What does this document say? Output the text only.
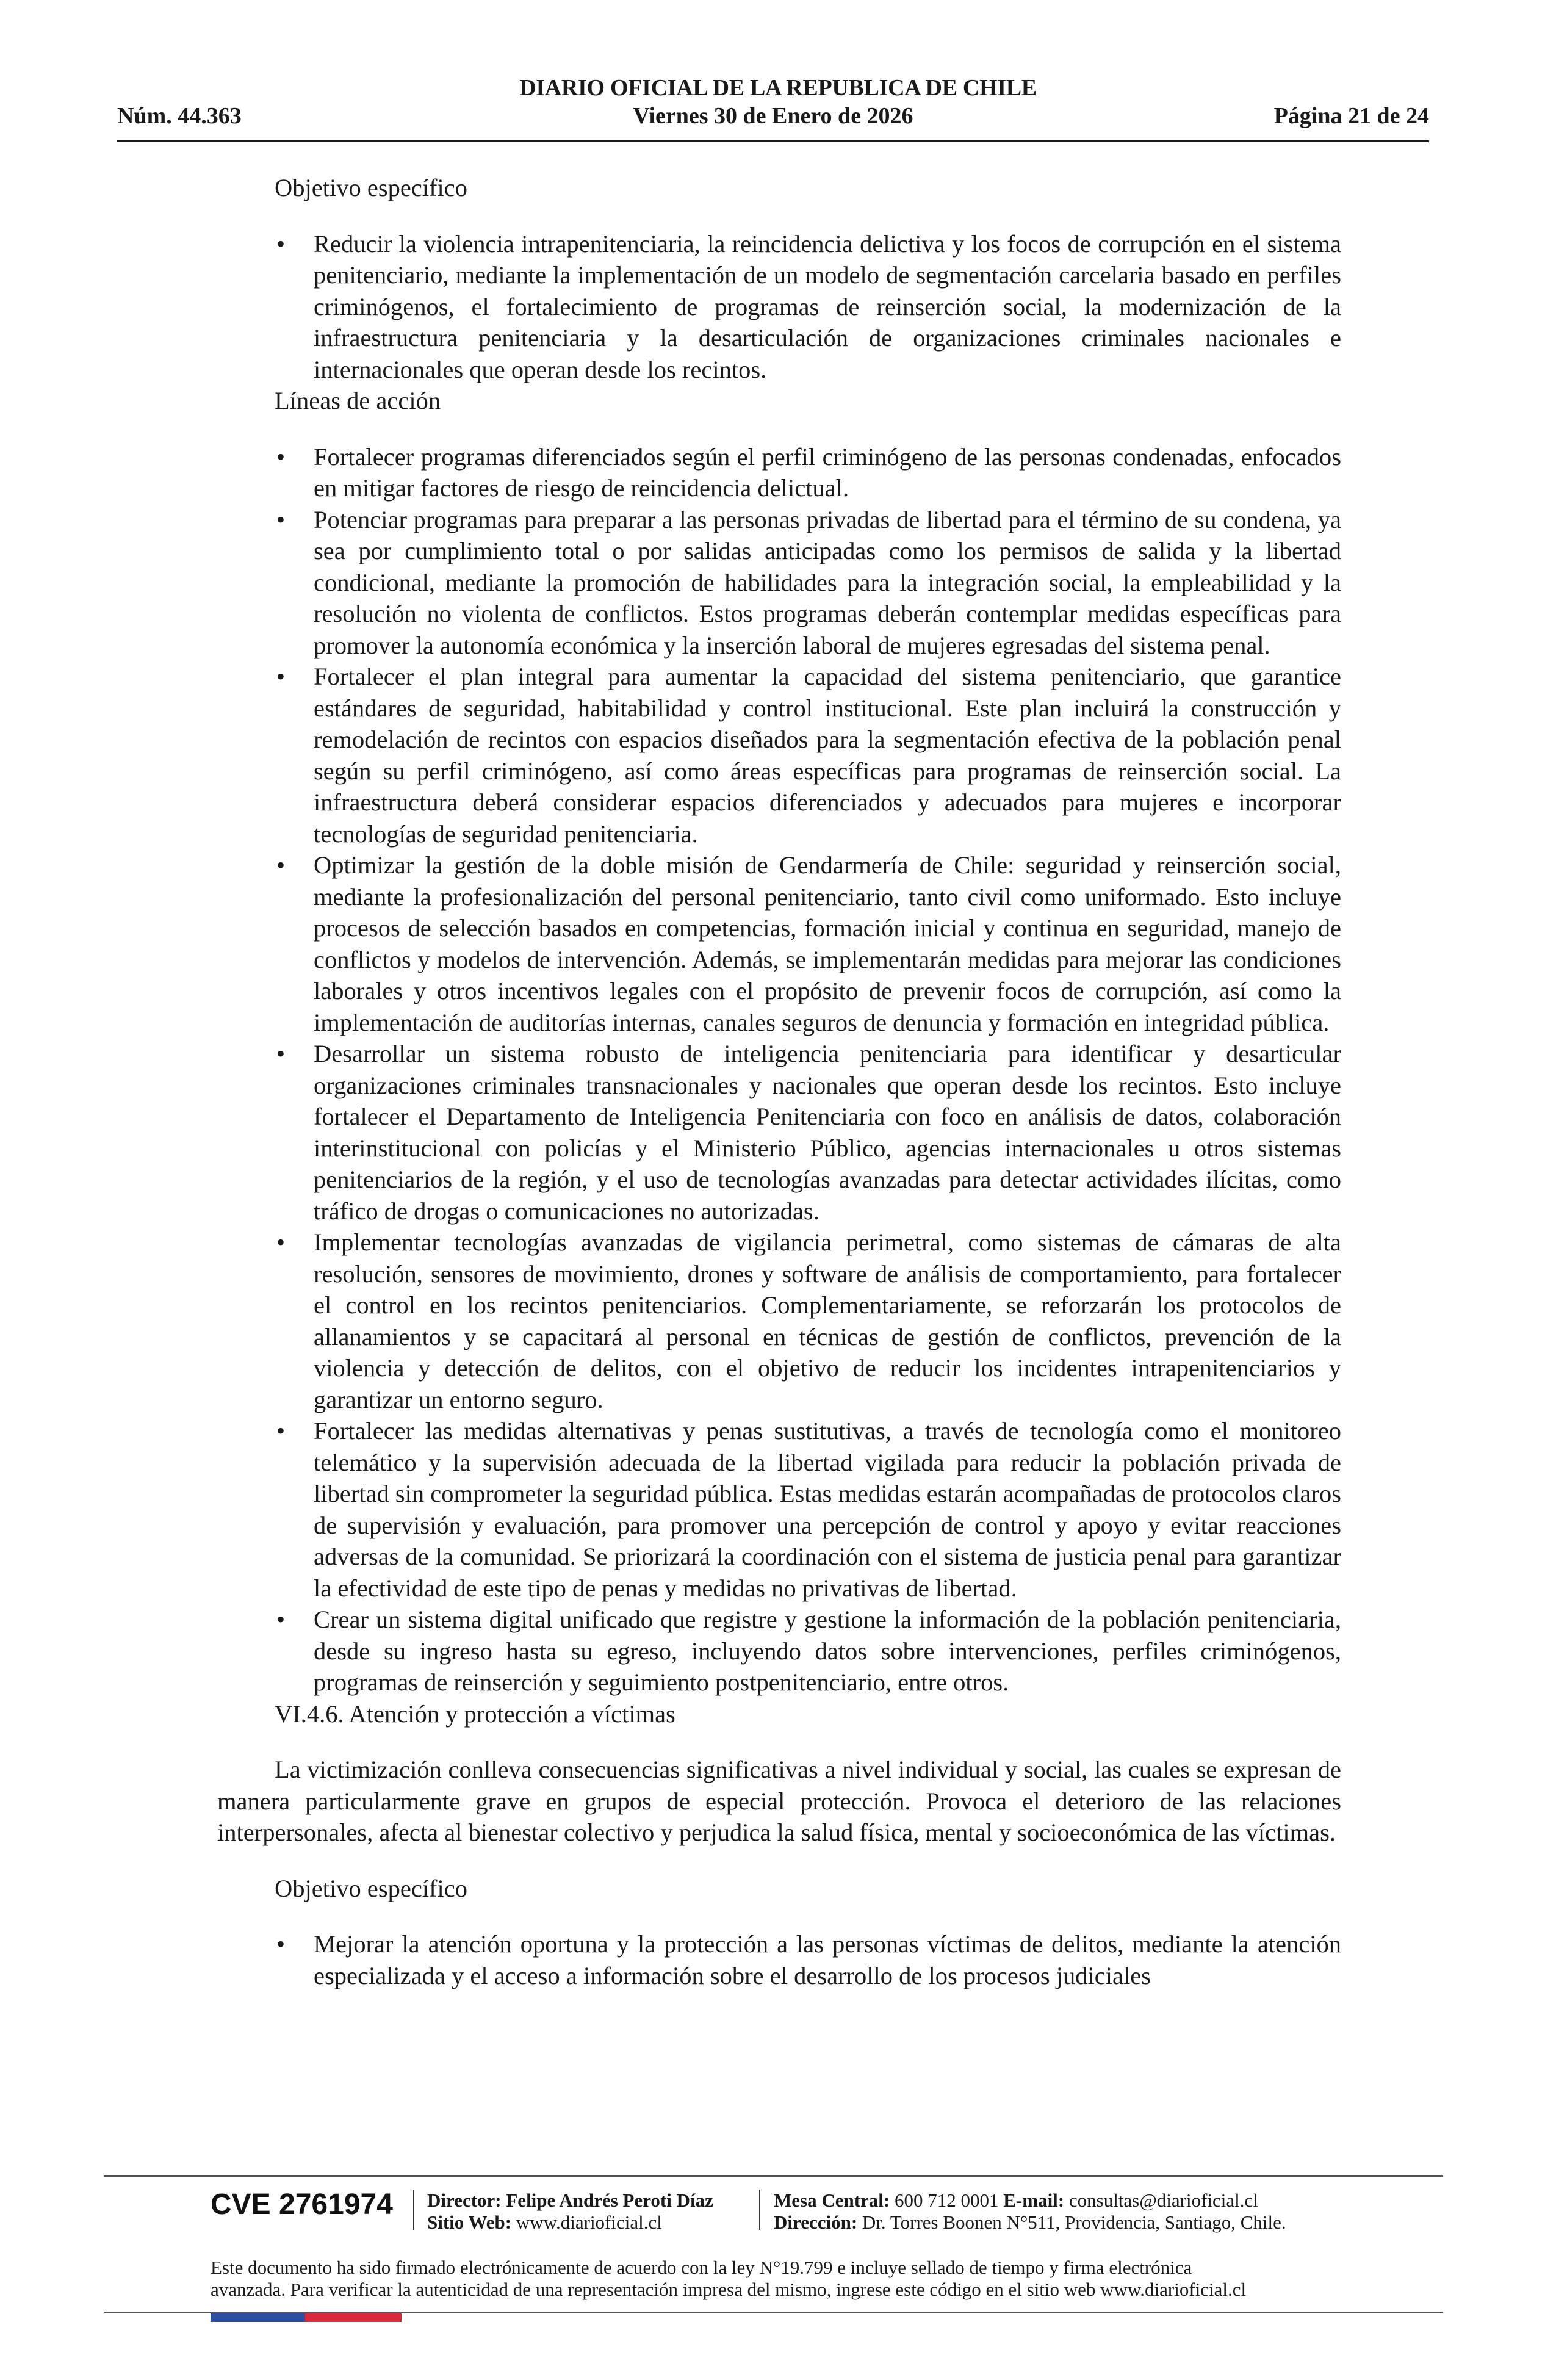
DIARIO OFICIAL DE LA REPUBLICA DE CHILE
Núm. 44.363	Viernes 30 de Enero de 2026	Página 21 de 24
Objetivo específico
• Reducir la violencia intrapenitenciaria, la reincidencia delictiva y los focos de corrupción en el sistema penitenciario, mediante la implementación de un modelo de segmentación carcelaria basado en perfiles criminógenos, el fortalecimiento de programas de reinserción social, la modernización de la infraestructura penitenciaria y la desarticulación de organizaciones criminales nacionales e internacionales que operan desde los recintos.
Líneas de acción
• Fortalecer programas diferenciados según el perfil criminógeno de las personas condenadas, enfocados en mitigar factores de riesgo de reincidencia delictual.
• Potenciar programas para preparar a las personas privadas de libertad para el término de su condena, ya sea por cumplimiento total o por salidas anticipadas como los permisos de salida y la libertad condicional, mediante la promoción de habilidades para la integración social, la empleabilidad y la resolución no violenta de conflictos. Estos programas deberán contemplar medidas específicas para promover la autonomía económica y la inserción laboral de mujeres egresadas del sistema penal.
• Fortalecer el plan integral para aumentar la capacidad del sistema penitenciario, que garantice estándares de seguridad, habitabilidad y control institucional. Este plan incluirá la construcción y remodelación de recintos con espacios diseñados para la segmentación efectiva de la población penal según su perfil criminógeno, así como áreas específicas para programas de reinserción social. La infraestructura deberá considerar espacios diferenciados y adecuados para mujeres e incorporar tecnologías de seguridad penitenciaria.
• Optimizar la gestión de la doble misión de Gendarmería de Chile: seguridad y reinserción social, mediante la profesionalización del personal penitenciario, tanto civil como uniformado. Esto incluye procesos de selección basados en competencias, formación inicial y continua en seguridad, manejo de conflictos y modelos de intervención. Además, se implementarán medidas para mejorar las condiciones laborales y otros incentivos legales con el propósito de prevenir focos de corrupción, así como la implementación de auditorías internas, canales seguros de denuncia y formación en integridad pública.
• Desarrollar un sistema robusto de inteligencia penitenciaria para identificar y desarticular organizaciones criminales transnacionales y nacionales que operan desde los recintos. Esto incluye fortalecer el Departamento de Inteligencia Penitenciaria con foco en análisis de datos, colaboración interinstitucional con policías y el Ministerio Público, agencias internacionales u otros sistemas penitenciarios de la región, y el uso de tecnologías avanzadas para detectar actividades ilícitas, como tráfico de drogas o comunicaciones no autorizadas.
• Implementar tecnologías avanzadas de vigilancia perimetral, como sistemas de cámaras de alta resolución, sensores de movimiento, drones y software de análisis de comportamiento, para fortalecer el control en los recintos penitenciarios. Complementariamente, se reforzarán los protocolos de allanamientos y se capacitará al personal en técnicas de gestión de conflictos, prevención de la violencia y detección de delitos, con el objetivo de reducir los incidentes intrapenitenciarios y garantizar un entorno seguro.
• Fortalecer las medidas alternativas y penas sustitutivas, a través de tecnología como el monitoreo telemático y la supervisión adecuada de la libertad vigilada para reducir la población privada de libertad sin comprometer la seguridad pública. Estas medidas estarán acompañadas de protocolos claros de supervisión y evaluación, para promover una percepción de control y apoyo y evitar reacciones adversas de la comunidad. Se priorizará la coordinación con el sistema de justicia penal para garantizar la efectividad de este tipo de penas y medidas no privativas de libertad.
• Crear un sistema digital unificado que registre y gestione la información de la población penitenciaria, desde su ingreso hasta su egreso, incluyendo datos sobre intervenciones, perfiles criminógenos, programas de reinserción y seguimiento postpenitenciario, entre otros.
VI.4.6. Atención y protección a víctimas
La victimización conlleva consecuencias significativas a nivel individual y social, las cuales se expresan de manera particularmente grave en grupos de especial protección. Provoca el deterioro de las relaciones interpersonales, afecta al bienestar colectivo y perjudica la salud física, mental y socioeconómica de las víctimas.
Objetivo específico
• Mejorar la atención oportuna y la protección a las personas víctimas de delitos, mediante la atención especializada y el acceso a información sobre el desarrollo de los procesos judiciales
CVE 2761974 Director: Felipe Andrés Peroti Díaz
Sitio Web: www.diarioficial.cl
Mesa Central: 600 712 0001 E-mail: consultas@diarioficial.cl
Dirección: Dr. Torres Boonen N°511, Providencia, Santiago, Chile.
Este documento ha sido firmado electrónicamente de acuerdo con la ley N°19.799 e incluye sellado de tiempo y firma electrónica
avanzada. Para verificar la autenticidad de una representación impresa del mismo, ingrese este código en el sitio web www.diarioficial.cl
